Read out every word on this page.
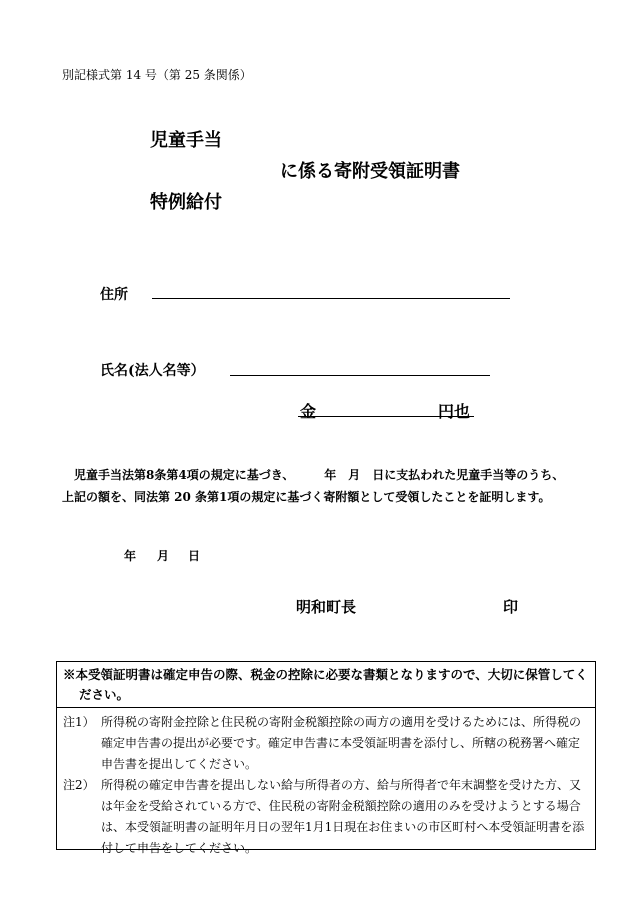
別記様式第 14 号（第 25 条関係）
児童手当
に係る寄附受領証明書
特例給付
住所
氏名(法人名等）
金	円也
児童手当法第8条第4項の規定に基づき、　　　年　月　日に支払われた児童手当等のうち、上記の額を、同法第 20 条第1項の規定に基づく寄附額として受領したことを証明します。
年 月 日
明和町長	印
※本受領証明書は確定申告の際、税金の控除に必要な書類となりますので、大切に保管してください。
注1） 所得税の寄附金控除と住民税の寄附金税額控除の両方の適用を受けるためには、所得税の確定申告書の提出が必要です。確定申告書に本受領証明書を添付し、所轄の税務署へ確定申告書を提出してください。
注2） 所得税の確定申告書を提出しない給与所得者の方、給与所得者で年末調整を受けた方、又は年金を受給されている方で、住民税の寄附金税額控除の適用のみを受けようとする場合は、本受領証明書の証明年月日の翌年1月1日現在お住まいの市区町村へ本受領証明書を添付して申告をしてください。
